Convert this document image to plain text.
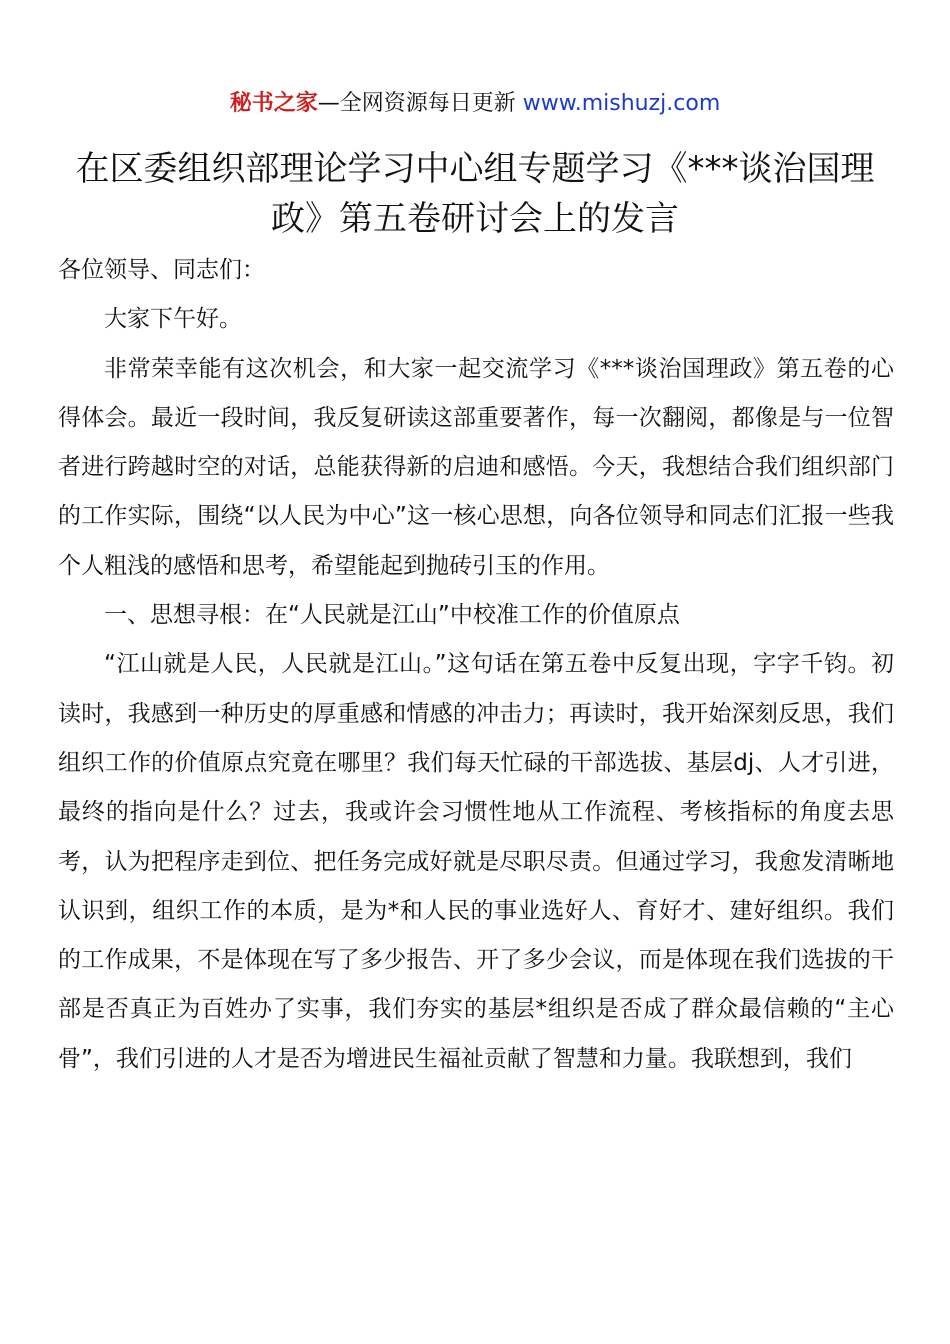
秘书之家—全网资源每日更新 www.mishuzj.com
在区委组织部理论学习中心组专题学习《***谈治国理政》第五卷研讨会上的发言

各位领导、同志们：

大家下午好。

非常荣幸能有这次机会，和大家一起交流学习《***谈治国理政》第五卷的心得体会。最近一段时间，我反复研读这部重要著作，每一次翻阅，都像是与一位智者进行跨越时空的对话，总能获得新的启迪和感悟。今天，我想结合我们组织部门的工作实际，围绕“以人民为中心”这一核心思想，向各位领导和同志们汇报一些我个人粗浅的感悟和思考，希望能起到抛砖引玉的作用。

一、思想寻根：在“人民就是江山”中校准工作的价值原点

“江山就是人民，人民就是江山。”这句话在第五卷中反复出现，字字千钧。初读时，我感到一种历史的厚重感和情感的冲击力；再读时，我开始深刻反思，我们组织工作的价值原点究竟在哪里？我们每天忙碌的干部选拔、基层dj、人才引进，最终的指向是什么？过去，我或许会习惯性地从工作流程、考核指标的角度去思考，认为把程序走到位、把任务完成好就是尽职尽责。但通过学习，我愈发清晰地认识到，组织工作的本质，是为*和人民的事业选好人、育好才、建好组织。我们的工作成果，不是体现在写了多少报告、开了多少会议，而是体现在我们选拔的干部是否真正为百姓办了实事，我们夯实的基层*组织是否成了群众最信赖的“主心骨”，我们引进的人才是否为增进民生福祉贡献了智慧和力量。我联想到，我们
